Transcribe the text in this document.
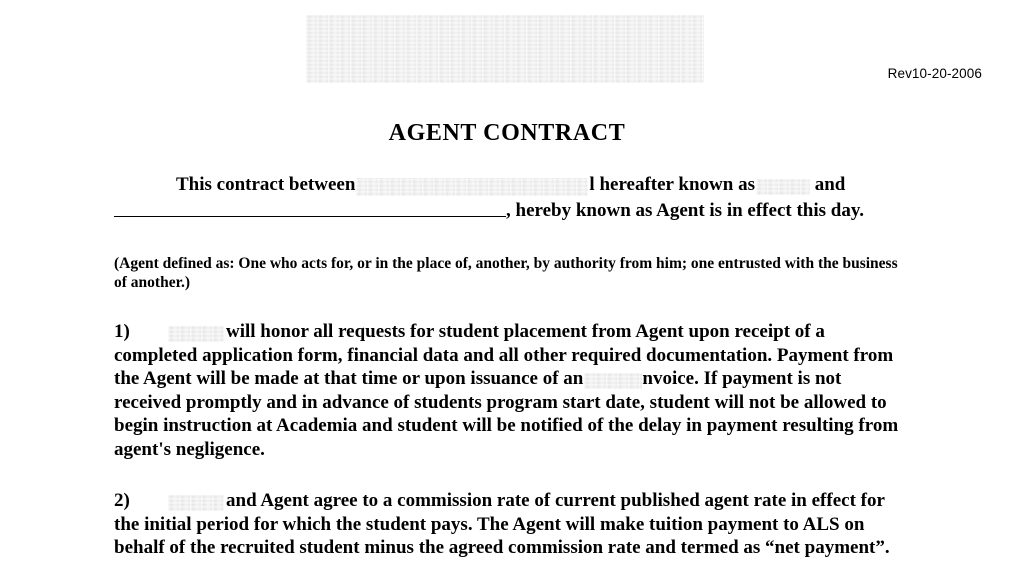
Rev10-20-2006
AGENT CONTRACT

This contract between	l hereafter known as	and
, hereby known as Agent is in effect this day.

(Agent defined as: One who acts for, or in the place of, another, by authority from him; one entrusted with the business of another.)

1)	will honor all requests for student placement from Agent upon receipt of a completed application form, financial data and all other required documentation. Payment from the Agent will be made at that time or upon issuance of an	nvoice. If payment is not received promptly and in advance of students program start date, student will not be allowed to begin instruction at Academia and student will be notified of the delay in payment resulting from agent's negligence.

2)	and Agent agree to a commission rate of current published agent rate in effect for the initial period for which the student pays. The Agent will make tuition payment to ALS on behalf of the recruited student minus the agreed commission rate and termed as “net payment”.
